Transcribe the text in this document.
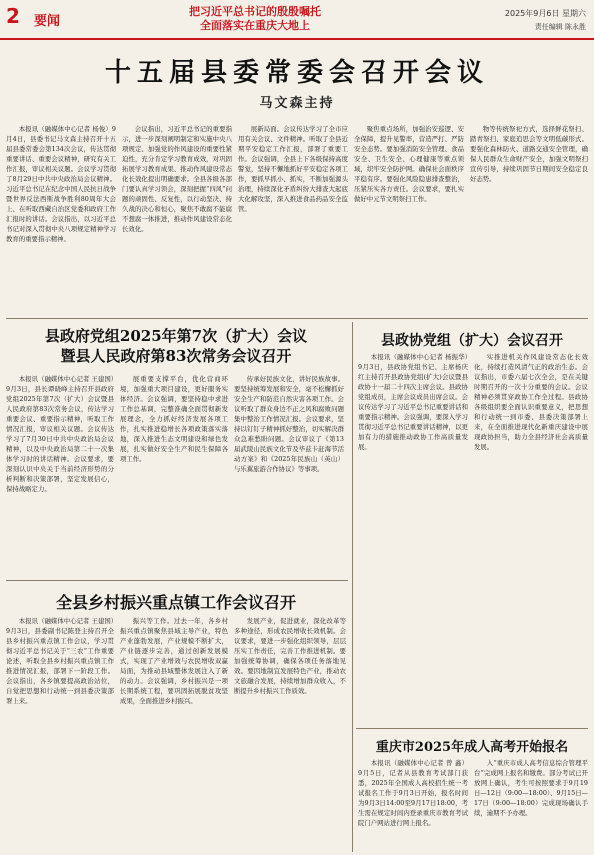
2 要闻
把习近平总书记的殷殷嘱托
全面落实在重庆大地上
2025年9月6日 星期六
责任编辑 陈永胜
十五届县委常委会召开会议
马文森主持

本报讯（融媒体中心记者 杨俊）9月4日，县委书记马文森主持召开十五届县委常委会第134次会议，传达贯彻重要讲话、重要会议精神，研究有关工作汇报，审议相关议题。会议学习贯彻了8月29日中共中央政治局会议精神。习近平总书记在纪念中国人民抗日战争暨世界反法西斯战争胜利80周年大会上、在听取西藏自治区党委和政府工作汇报时的讲话。会议指出，以习近平总书记对深入贯彻中央八项规定精神学习教育的重要指示精神。

会议指出，习近平总书记的重要指示，进一步深刻阐明制定和实施中央八项规定、加强党的作风建设的重要性紧迫性，充分肯定学习教育成效，对巩固拓展学习教育成果、推动作风建设常态化长效化提出明确要求。全县各级各部门要认真学习领会，深刻把握“四风”问题的顽固性、反复性，以行动坚决、持久战的决心和恒心，聚焦不敢腐不能腐不想腐一体推进，推动作风建设常态化长效化。

展新局面。会议传达学习了全市应用有关会议、文件精神。听取了全县近期平安稳定工作汇报，部署了重要工作。会议强调，全县上下各级保持高度警觉，坚持不懈地抓好平安稳定各项工作，要抓早抓小、抓实，不断加强源头治理，持续深化矛盾纠纷大排查大起底大化解攻坚，深入推进食品药品安全监管。

聚焦重点场所，加强治安巡逻、安全保障，提升见警率，营造严打、严防安全态势。要加强消防安全管理、食品安全、卫生安全、心理健康等重点领域，织牢安全防护网。确保社会面秩序平稳有序。要强化风险隐患排查整治，压紧压实各方责任。会议要求，要扎实做好中元节文明祭扫工作。

物等传统祭祀方式，选择鲜花祭扫、踏青祭扫、家庭追思会等文明低碳形式。要强化森林防火、道路交通安全管理，确保人民群众生命财产安全，加强文明祭扫宣传引导，持续巩固节日期间安全稳定良好态势。

县政府党组2025年第7次（扩大）会议
暨县人民政府第83次常务会议召开

本报讯（融媒体中心记者 王建国）9月3日，县长谭晓峰主持召开县政府党组2025年第7次（扩大）会议暨县人民政府第83次常务会议，传达学习重要会议、重要指示精神，听取工作情况汇报，审议相关议题。会议传达学习了7月30日中共中央政治局会议精神，以及中央政治局第二十一次集体学习时的讲话精神。会议要求，要深刻认识中央关于当前经济形势的分析判断和决策部署，坚定发展信心，保持战略定力。

展重要支撑平台，优化营商环境，加强重大项目建设，更好服务实体经济。会议强调，要坚持稳中求进工作总基调，完整准确全面贯彻新发展理念，全力抓好经济发展各项工作，扎实推进稳增长各项政策落实落地，深入推进生态文明建设和绿色发展，扎实做好安全生产和民生保障各项工作。

传承好民族文化，讲好民族故事。要坚持统筹发展和安全，毫不松懈抓好安全生产和防范自然灾害各项工作。会议听取了群众身边不正之风和腐败问题集中整治工作情况汇报。会议要求，坚持以钉钉子精神抓好整治，切实解决群众急难愁盼问题。会议审议了《第13届武陵山民族文化节及毕兹卡赶海节活动方案》和《2025年民族山（英山）与乐翼旅游合作协议》等事项。

县政协党组（扩大）会议召开

本报讯（融媒体中心记者 杨振华）9月3日，县政协党组书记、主席杨庆红主持召开县政协党组(扩大)会议暨县政协十一届二十四次主席会议。县政协党组成员，主席会议成员出席会议。会议传达学习了习近平总书记重要讲话和重要指示精神。会议强调，要深入学习贯彻习近平总书记重要讲话精神，以更加有力的措施推动政协工作高质量发展。

实推进机关作风建设常态化长效化，持续打造风清气正的政治生态。会议指出，市委六届七次全会，是在关键时期召开的一次十分重要的会议。会议精神必须贯穿政协工作全过程。县政协各级组织要全面认识重要意义，把思想和行动统一到市委、县委决策部署上来，在全面推进现代化新重庆建设中展现政协担当，助力全县经济社会高质量发展。

全县乡村振兴重点镇工作会议召开

本报讯（融媒体中心记者 王建国）9月3日，县委副书记陈登主持召开全县乡村振兴重点镇工作会议，学习贯彻习近平总书记关于“三农”工作重要论述，听取全县乡村振兴重点镇工作推进情况汇报，部署下一阶段工作。会议指出，各乡镇要提高政治站位，自觉把思想和行动统一到县委决策部署上来。

振兴等工作。过去一年，各乡村振兴重点镇聚焦县域主导产业，特色产业蓬勃发展，产业规模不断扩大，产业链逐步完善，通过创新发展模式，实现了产业增效与农民增收双赢局面，为推动县域整体发展注入了新的动力。会议强调，乡村振兴是一项长期系统工程，要巩固拓展脱贫攻坚成果，全面推进乡村振兴。

发展产业，促进就业，深化改革等多种途径，形成农民增收长效机制。会议要求，要进一步强化组织领导，层层压实工作责任，完善工作推进机制。要加强统筹协调，确保各项任务落地见效。要因地制宜发展特色产业，推动农文旅融合发展，持续增加群众收入，不断提升乡村振兴工作质效。

重庆市2025年成人高考开始报名

本报讯（融媒体中心记者 曾 鑫）9月5日，记者从县教育考试部门获悉，2025年全国成人高校招生统一考试报名工作于9月3日开始，报名时间为9月3日14:00至9月17日18:00，考生需在规定时间内登录重庆市教育考试院门户网站进行网上报名。

入“重庆市成人高考信息综合管理平台”完成网上报名和缴费。部分考试已开放网上确认，考生可按照要求于9月19日—12日（9:00—18:00）、9月15日—17日（9:00—18:00）完成现场确认手续，逾期不予办理。
